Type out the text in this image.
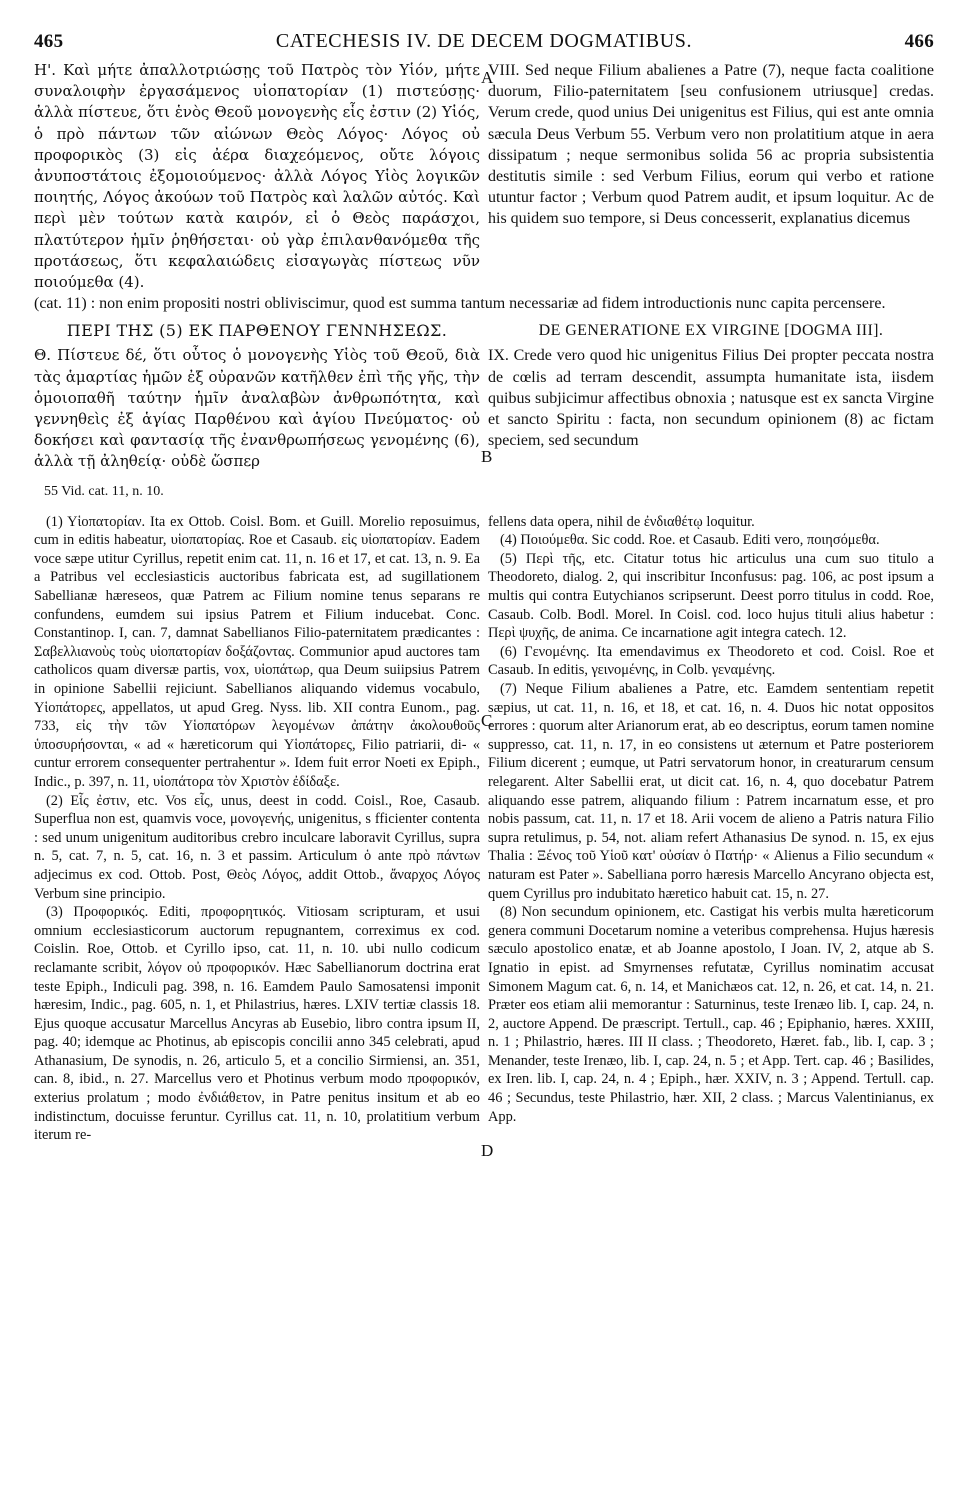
465	CATECHESIS IV. DE DECEM DOGMATIBUS.	466
Η'. Καὶ μήτε ἀπαλλοτριώσῃς τοῦ Πατρὸς τὸν Υἱόν, μήτε συναλοιφὴν ἐργασάμενος υἱοπατορίαν (1) πιστεύσῃς· ἀλλὰ πίστευε, ὅτι ἑνὸς Θεοῦ μονογενὴς εἷς ἐστιν (2) Υἱός, ὁ πρὸ πάντων τῶν αἰώνων Θεὸς Λόγος· Λόγος οὐ προφορικὸς (3) εἰς ἀέρα διαχεόμενος, οὔτε λόγοις ἀνυποστάτοις ἐξομοιούμενος· ἀλλὰ Λόγος Υἱὸς λογικῶν ποιητής, Λόγος ἀκούων τοῦ Πατρὸς καὶ λαλῶν αὐτός. Καὶ περὶ μὲν τούτων κατὰ καιρόν, εἰ ὁ Θεὸς παράσχοι, πλατύτερον ἡμῖν ῥηθήσεται· οὐ γὰρ ἐπιλανθανόμεθα τῆς προτάσεως, ὅτι κεφαλαιώδεις εἰσαγωγὰς πίστεως νῦν ποιούμεθα (4).
VIII. Sed neque Filium abalienes a Patre (7), neque facta coalitione duorum, Filio-paternitatem [seu confusionem utriusque] credas. Verum crede, quod unius Dei unigenitus est Filius, qui est ante omnia sæcula Deus Verbum 55. Verbum vero non prolatitium atque in aera dissipatum ; neque sermonibus solida 56 ac propria subsistentia destitutis simile : sed Verbum Filius, eorum qui verbo et ratione utuntur factor ; Verbum quod Patrem audit, et ipsum loquitur. Ac de his quidem suo tempore, si Deus concesserit, explanatius dicemus
A

(cat. 11) : non enim propositi nostri obliviscimur, quod est summa tantum necessariæ ad fidem introductionis nunc capita percensere.

ΠΕΡΙ ΤΗΣ (5) ΕΚ ΠΑΡΘΕΝΟΥ ΓΕΝΝΗΣΕΩΣ.	DE GENERATIONE EX VIRGINE [DOGMA III].
Θ. Πίστευε δέ, ὅτι οὗτος ὁ μονογενὴς Υἱὸς τοῦ Θεοῦ, διὰ τὰς ἁμαρτίας ἡμῶν ἐξ οὐρανῶν κατῆλθεν ἐπὶ τῆς γῆς, τὴν ὁμοιοπαθῆ ταύτην ἡμῖν ἀναλαβὼν ἀνθρωπότητα, καὶ γεννηθεὶς ἐξ ἁγίας Παρθένου καὶ ἁγίου Πνεύματος· οὐ δοκήσει καὶ φαντασίᾳ τῆς ἐνανθρωπήσεως γενομένης (6), ἀλλὰ τῇ ἀληθείᾳ· οὐδὲ ὥσπερ
IX. Crede vero quod hic unigenitus Filius Dei propter peccata nostra de cœlis ad terram descendit, assumpta humanitate ista, iisdem quibus subjicimur affectibus obnoxia ; natusque est ex sancta Virgine et sancto Spiritu : facta, non secundum opinionem (8) ac fictam speciem, sed secundum
B
55 Vid. cat. 11, n. 10.

(1) Υἱοπατορίαν. Ita ex Ottob. Coisl. Bom. et Guill. Morelio reposuimus, cum in editis habeatur, υἱοπατορίας. Roe et Casaub. εἰς υἱοπατορίαν. Eadem voce sæpe utitur Cyrillus, repetit enim cat. 11, n. 16 et 17, et cat. 13, n. 9. Ea a Patribus vel ecclesiasticis auctoribus fabricata est, ad sugillationem Sabellianæ hæreseos, quæ Patrem ac Filium nomine tenus separans re confundens, eumdem sui ipsius Patrem et Filium inducebat. Conc. Constantinop. I, can. 7, damnat Sabellianos Filio-paternitatem prædicantes : Σαβελλιανοὺς τοὺς υἱοπατορίαν δοξάζοντας. Communior apud auctores tam catholicos quam diversæ partis, vox, υἱοπάτωρ, qua Deum suiipsius Patrem in opinione Sabellii rejiciunt. Sabellianos aliquando videmus vocabulo, Υἱοπάτορες, appellatos, ut apud Greg. Nyss. lib. XII contra Eunom., pag. 733, εἰς τὴν τῶν Υἱοπατόρων λεγομένων ἀπάτην ἀκολουθοῦς ὑποσυρήσονται, « ad « hæreticorum qui Υἱοπάτορες, Filio patriarii, di- « cuntur errorem consequenter pertrahentur ». Idem fuit error Noeti ex Epiph., Indic., p. 397, n. 11, υἱοπάτορα τὸν Χριστὸν ἐδίδαξε.

(2) Εἷς ἐστιν, etc. Vos εἷς, unus, deest in codd. Coisl., Roe, Casaub. Superflua non est, quamvis voce, μονογενής, unigenitus, s fficienter contenta : sed unum unigenitum auditoribus crebro inculcare laboravit Cyrillus, supra n. 5, cat. 7, n. 5, cat. 16, n. 3 et passim. Articulum ὁ ante πρὸ πάντων adjecimus ex cod. Ottob. Post, Θεὸς Λόγος, addit Ottob., ἄναρχος Λόγος Verbum sine principio.

(3) Προφορικός. Editi, προφορητικός. Vitiosam scripturam, et usui omnium ecclesiasticorum auctorum repugnantem, correximus ex cod. Coislin. Roe, Ottob. et Cyrillo ipso, cat. 11, n. 10. ubi nullo codicum reclamante scribit, λόγον οὐ προφορικόν. Hæc Sabellianorum doctrina erat teste Epiph., Indiculi pag. 398, n. 16. Eamdem Paulo Samosatensi imponit hæresim, Indic., pag. 605, n. 1, et Philastrius, hæres. LXIV tertiæ classis 18. Ejus quoque accusatur Marcellus Ancyras ab Eusebio, libro contra ipsum II, pag. 40; idemque ac Photinus, ab episcopis concilii anno 345 celebrati, apud Athanasium, De synodis, n. 26, articulo 5, et a concilio Sirmiensi, an. 351, can. 8, ibid., n. 27. Marcellus vero et Photinus verbum modo προφορικόν, exterius prolatum ; modo ἐνδιάθετον, in Patre penitus insitum et ab eo indistinctum, docuisse feruntur. Cyrillus cat. 11, n. 10, prolatitium verbum iterum re-

fellens data opera, nihil de ἐνδιαθέτῳ loquitur.

(4) Ποιούμεθα. Sic codd. Roe. et Casaub. Editi vero, ποιησόμεθα.

(5) Περὶ τῆς, etc. Citatur totus hic articulus una cum suo titulo a Theodoreto, dialog. 2, qui inscribitur Inconfusus: pag. 106, ac post ipsum a multis qui contra Eutychianos scripserunt. Deest porro titulus in codd. Roe, Casaub. Colb. Bodl. Morel. In Coisl. cod. loco hujus tituli alius habetur : Περὶ ψυχῆς, de anima. Ce incarnatione agit integra catech. 12.

(6) Γενομένης. Ita emendavimus ex Theodoreto et cod. Coisl. Roe et Casaub. In editis, γεινομένης, in Colb. γεναμένης.

(7) Neque Filium abalienes a Patre, etc. Eamdem sententiam repetit sæpius, ut cat. 11, n. 16, et 18, et cat. 16, n. 4. Duos hic notat oppositos errores : quorum alter Arianorum erat, ab eo descriptus, eorum tamen nomine suppresso, cat. 11, n. 17, in eo consistens ut æternum et Patre posteriorem Filium dicerent ; eumque, ut Patri servatorum honor, in creaturarum censum relegarent. Alter Sabellii erat, ut dicit cat. 16, n. 4, quo docebatur Patrem aliquando esse patrem, aliquando filium : Patrem incarnatum esse, et pro nobis passum, cat. 11, n. 17 et 18. Arii vocem de alieno a Patris natura Filio supra retulimus, p. 54, not. aliam refert Athanasius De synod. n. 15, ex ejus Thalia : Ξένος τοῦ Υἱοῦ κατ' οὐσίαν ὁ Πατήρ· « Alienus a Filio secundum « naturam est Pater ». Sabelliana porro hæresis Marcello Ancyrano objecta est, quem Cyrillus pro indubitato hæretico habuit cat. 15, n. 27.

(8) Non secundum opinionem, etc. Castigat his verbis multa hæreticorum genera communi Docetarum nomine a veteribus comprehensa. Hujus hæresis sæculo apostolico enatæ, et ab Joanne apostolo, I Joan. IV, 2, atque ab S. Ignatio in epist. ad Smyrnenses refutatæ, Cyrillus nominatim accusat Simonem Magum cat. 6, n. 14, et Manichæos cat. 12, n. 26, et cat. 14, n. 21. Præter eos etiam alii memorantur : Saturninus, teste Irenæo lib. I, cap. 24, n. 2, auctore Append. De præscript. Tertull., cap. 46 ; Epiphanio, hæres. XXIII, n. 1 ; Philastrio, hæres. III II class. ; Theodoreto, Hæret. fab., lib. I, cap. 3 ; Menander, teste Irenæo, lib. I, cap. 24, n. 5 ; et App. Tert. cap. 46 ; Basilides, ex Iren. lib. I, cap. 24, n. 4 ; Epiph., hær. XXIV, n. 3 ; Append. Tertull. cap. 46 ; Secundus, teste Philastrio, hær. XII, 2 class. ; Marcus Valentinianus, ex App.

C
D
